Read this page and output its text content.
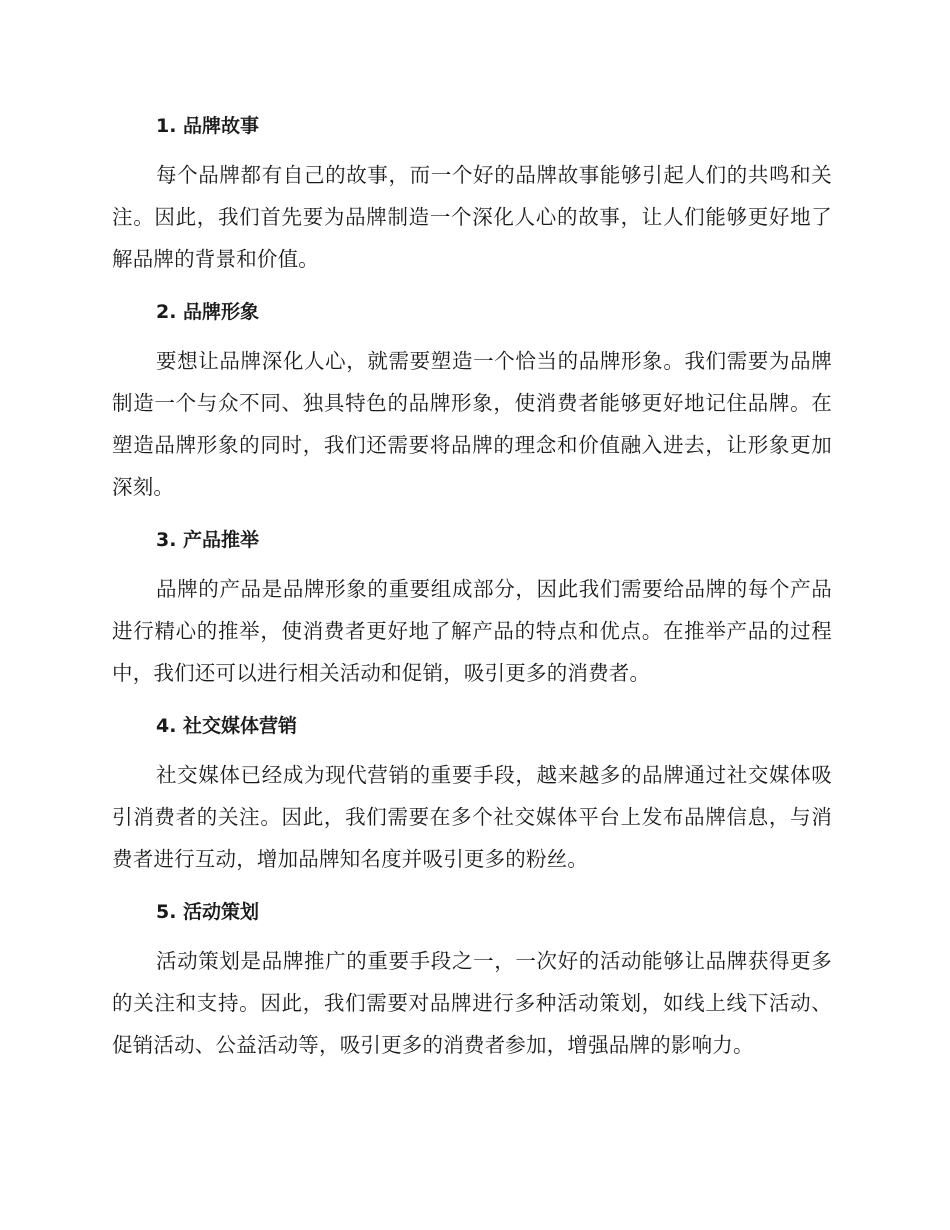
1. 品牌故事

每个品牌都有自己的故事，而一个好的品牌故事能够引起人们的共鸣和关注。因此，我们首先要为品牌制造一个深化人心的故事，让人们能够更好地了解品牌的背景和价值。

2. 品牌形象

要想让品牌深化人心，就需要塑造一个恰当的品牌形象。我们需要为品牌制造一个与众不同、独具特色的品牌形象，使消费者能够更好地记住品牌。在塑造品牌形象的同时，我们还需要将品牌的理念和价值融入进去，让形象更加深刻。

3. 产品推举

品牌的产品是品牌形象的重要组成部分，因此我们需要给品牌的每个产品进行精心的推举，使消费者更好地了解产品的特点和优点。在推举产品的过程中，我们还可以进行相关活动和促销，吸引更多的消费者。

4. 社交媒体营销

社交媒体已经成为现代营销的重要手段，越来越多的品牌通过社交媒体吸引消费者的关注。因此，我们需要在多个社交媒体平台上发布品牌信息，与消费者进行互动，增加品牌知名度并吸引更多的粉丝。

5. 活动策划

活动策划是品牌推广的重要手段之一，一次好的活动能够让品牌获得更多的关注和支持。因此，我们需要对品牌进行多种活动策划，如线上线下活动、促销活动、公益活动等，吸引更多的消费者参加，增强品牌的影响力。
